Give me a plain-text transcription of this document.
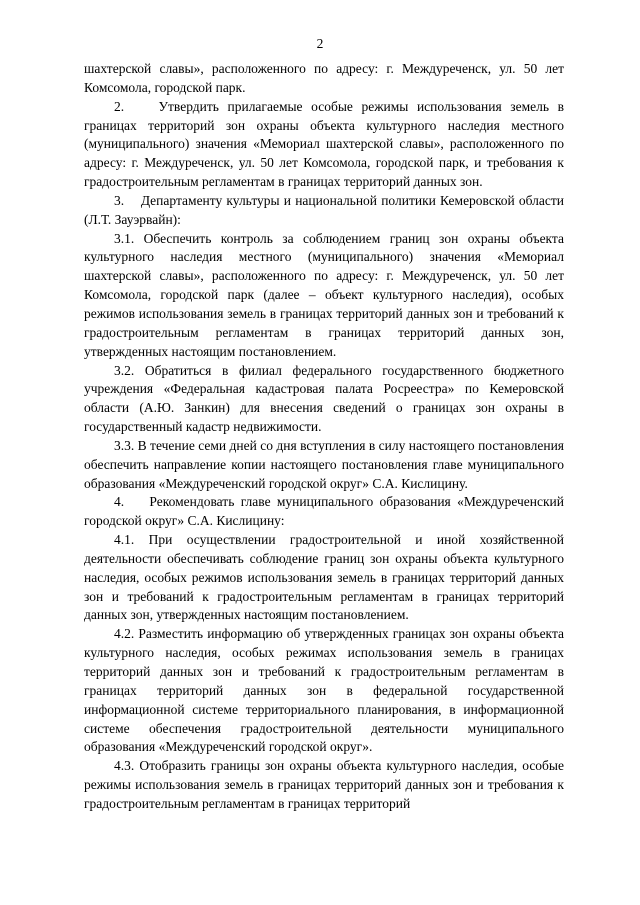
2

шахтерской славы», расположенного по адресу: г. Междуреченск, ул. 50 лет Комсомола, городской парк.

2.    Утвердить прилагаемые особые режимы использования земель в границах территорий зон охраны объекта культурного наследия местного (муниципального) значения «Мемориал шахтерской славы», расположенного по адресу: г. Междуреченск, ул. 50 лет Комсомола, городской парк, и требования к градостроительным регламентам в границах территорий данных зон.

3.    Департаменту культуры и национальной политики Кемеровской области (Л.Т. Зауэрвайн):

3.1. Обеспечить контроль за соблюдением границ зон охраны объекта культурного наследия местного (муниципального) значения «Мемориал шахтерской славы», расположенного по адресу: г. Междуреченск, ул. 50 лет Комсомола, городской парк (далее – объект культурного наследия), особых режимов использования земель в границах территорий данных зон и требований к градостроительным регламентам в границах территорий данных зон, утвержденных настоящим постановлением.

3.2. Обратиться в филиал федерального государственного бюджетного учреждения «Федеральная кадастровая палата Росреестра» по Кемеровской области (А.Ю. Занкин) для внесения сведений о границах зон охраны в государственный кадастр недвижимости.

3.3. В течение семи дней со дня вступления в силу настоящего постановления обеспечить направление копии настоящего постановления главе муниципального образования «Междуреченский городской округ» С.А. Кислицину.

4.    Рекомендовать главе муниципального образования «Междуреченский городской округ» С.А. Кислицину:

4.1. При осуществлении градостроительной и иной хозяйственной деятельности обеспечивать соблюдение границ зон охраны объекта культурного наследия, особых режимов использования земель в границах территорий данных зон и требований к градостроительным регламентам в границах территорий данных зон, утвержденных настоящим постановлением.

4.2. Разместить информацию об утвержденных границах зон охраны объекта культурного наследия, особых режимах использования земель в границах территорий данных зон и требований к градостроительным регламентам в границах территорий данных зон в федеральной государственной информационной системе территориального планирования, в информационной системе обеспечения градостроительной деятельности муниципального образования «Междуреченский городской округ».

4.3. Отобразить границы зон охраны объекта культурного наследия, особые режимы использования земель в границах территорий данных зон и требования к градостроительным регламентам в границах территорий
